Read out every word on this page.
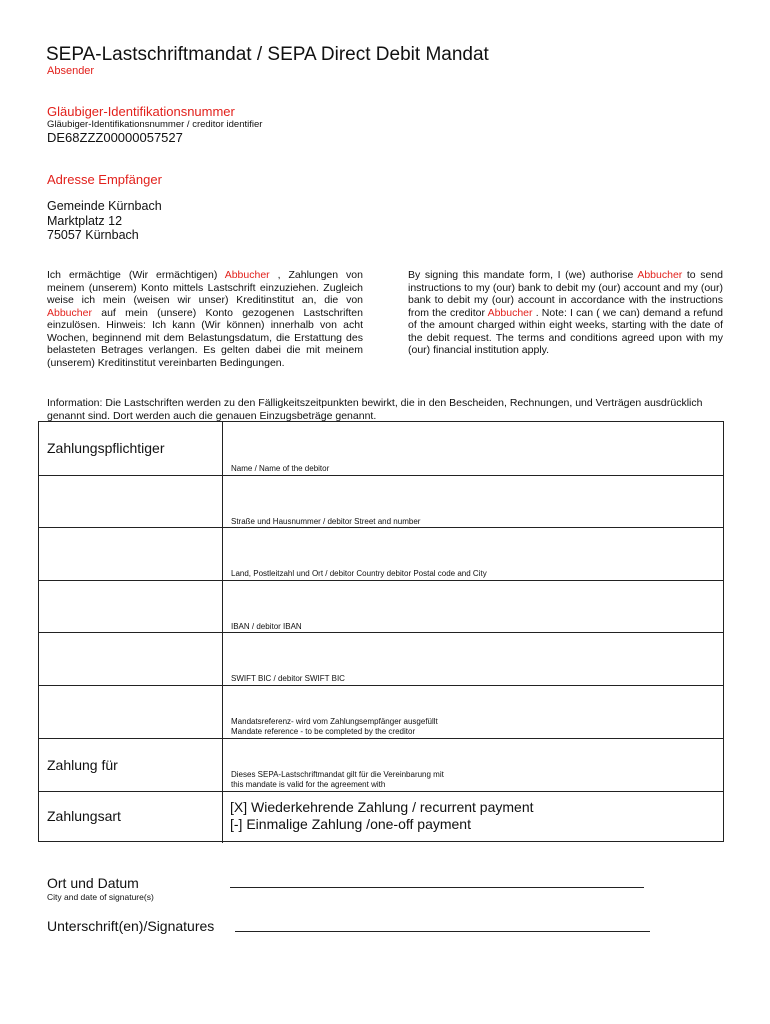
SEPA-Lastschriftmandat / SEPA Direct Debit Mandat
Absender
Gläubiger-Identifikationsnummer
Gläubiger-Identifikationsnummer / creditor identifier
DE68ZZZ00000057527
Adresse Empfänger
Gemeinde Kürnbach
Marktplatz 12
75057 Kürnbach
Ich ermächtige (Wir ermächtigen) Abbucher , Zahlungen von meinem (unserem) Konto mittels Lastschrift einzuziehen. Zugleich weise ich mein (weisen wir unser) Kreditinstitut an, die von Abbucher auf mein (unsere) Konto gezogenen Lastschriften einzulösen. Hinweis: Ich kann (Wir können) innerhalb von acht Wochen, beginnend mit dem Belastungsdatum, die Erstattung des belasteten Betrages verlangen. Es gelten dabei die mit meinem (unserem) Kreditinstitut vereinbarten Bedingungen.
By signing this mandate form, I (we) authorise Abbucher to send instructions to my (our) bank to debit my (our) account and my (our) bank to debit my (our) account in accordance with the instructions from the creditor Abbucher . Note: I can ( we can) demand a refund of the amount charged within eight weeks, starting with the date of the debit request. The terms and conditions agreed upon with my (our) financial institution apply.
Information: Die Lastschriften werden zu den Fälligkeitszeitpunkten bewirkt, die in den Bescheiden, Rechnungen, und Verträgen ausdrücklich genannt sind. Dort werden auch die genauen Einzugsbeträge genannt.
Zahlungspflichtiger
Name / Name of the debitor
Straße und Hausnummer / debitor Street and number
Land, Postleitzahl und Ort / debitor Country debitor Postal code and City
IBAN / debitor IBAN
SWIFT BIC / debitor SWIFT BIC
Mandatsreferenz- wird vom Zahlungsempfänger ausgefüllt
Mandate reference - to be completed by the creditor
Zahlung für
Dieses SEPA-Lastschriftmandat gilt für die Vereinbarung mit
this mandate is valid for the agreement with
Zahlungsart
[X] Wiederkehrende Zahlung / recurrent payment
[-] Einmalige Zahlung /one-off payment
Ort und Datum
City and date of signature(s)
Unterschrift(en)/Signatures
